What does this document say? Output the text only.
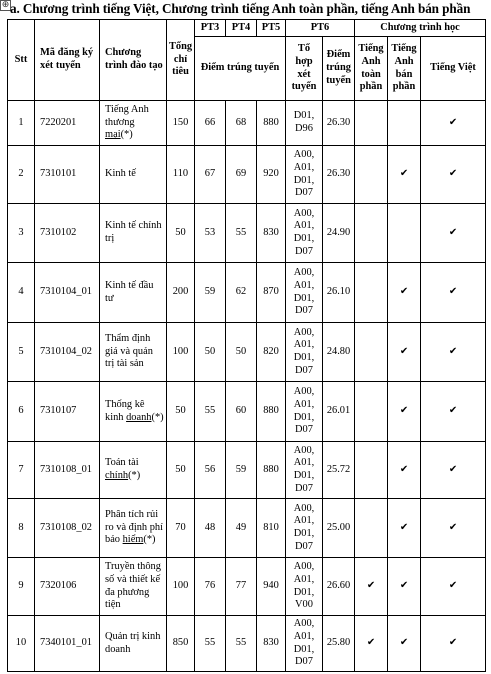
⊕ a. Chương trình tiếng Việt, Chương trình tiếng Anh toàn phần, tiếng Anh bán phần
Stt	Mã đăng ký xét tuyển	Chương trình đào tạo	Tổng chỉ tiêu	PT3	PT4	PT5	PT6		Chương trình học		
				Điểm trúng tuyển			Tổ hợp xét tuyển	Điểm trúng tuyển	Tiếng Anh toàn phần	Tiếng Anh bán phần	Tiếng Việt

1	7220201	Tiếng Anh thương mại(*)	150	66	68	880	D01, D96	26.30			✔
2	7310101	Kinh tế	110	67	69	920	A00, A01, D01, D07	26.30		✔	✔
3	7310102	Kinh tế chính trị	50	53	55	830	A00, A01, D01, D07	24.90			✔
4	7310104_01	Kinh tế đầu tư	200	59	62	870	A00, A01, D01, D07	26.10		✔	✔
5	7310104_02	Thẩm định giá và quản trị tài sản	100	50	50	820	A00, A01, D01, D07	24.80		✔	✔
6	7310107	Thống kê kinh doanh(*)	50	55	60	880	A00, A01, D01, D07	26.01		✔	✔
7	7310108_01	Toán tài chính(*)	50	56	59	880	A00, A01, D01, D07	25.72		✔	✔
8	7310108_02	Phân tích rủi ro và định phí bảo hiểm(*)	70	48	49	810	A00, A01, D01, D07	25.00		✔	✔
9	7320106	Truyền thông số và thiết kế đa phương tiện	100	76	77	940	A00, A01, D01, V00	26.60	✔	✔	✔
10	7340101_01	Quản trị kinh doanh	850	55	55	830	A00, A01, D01, D07	25.80	✔	✔	✔
